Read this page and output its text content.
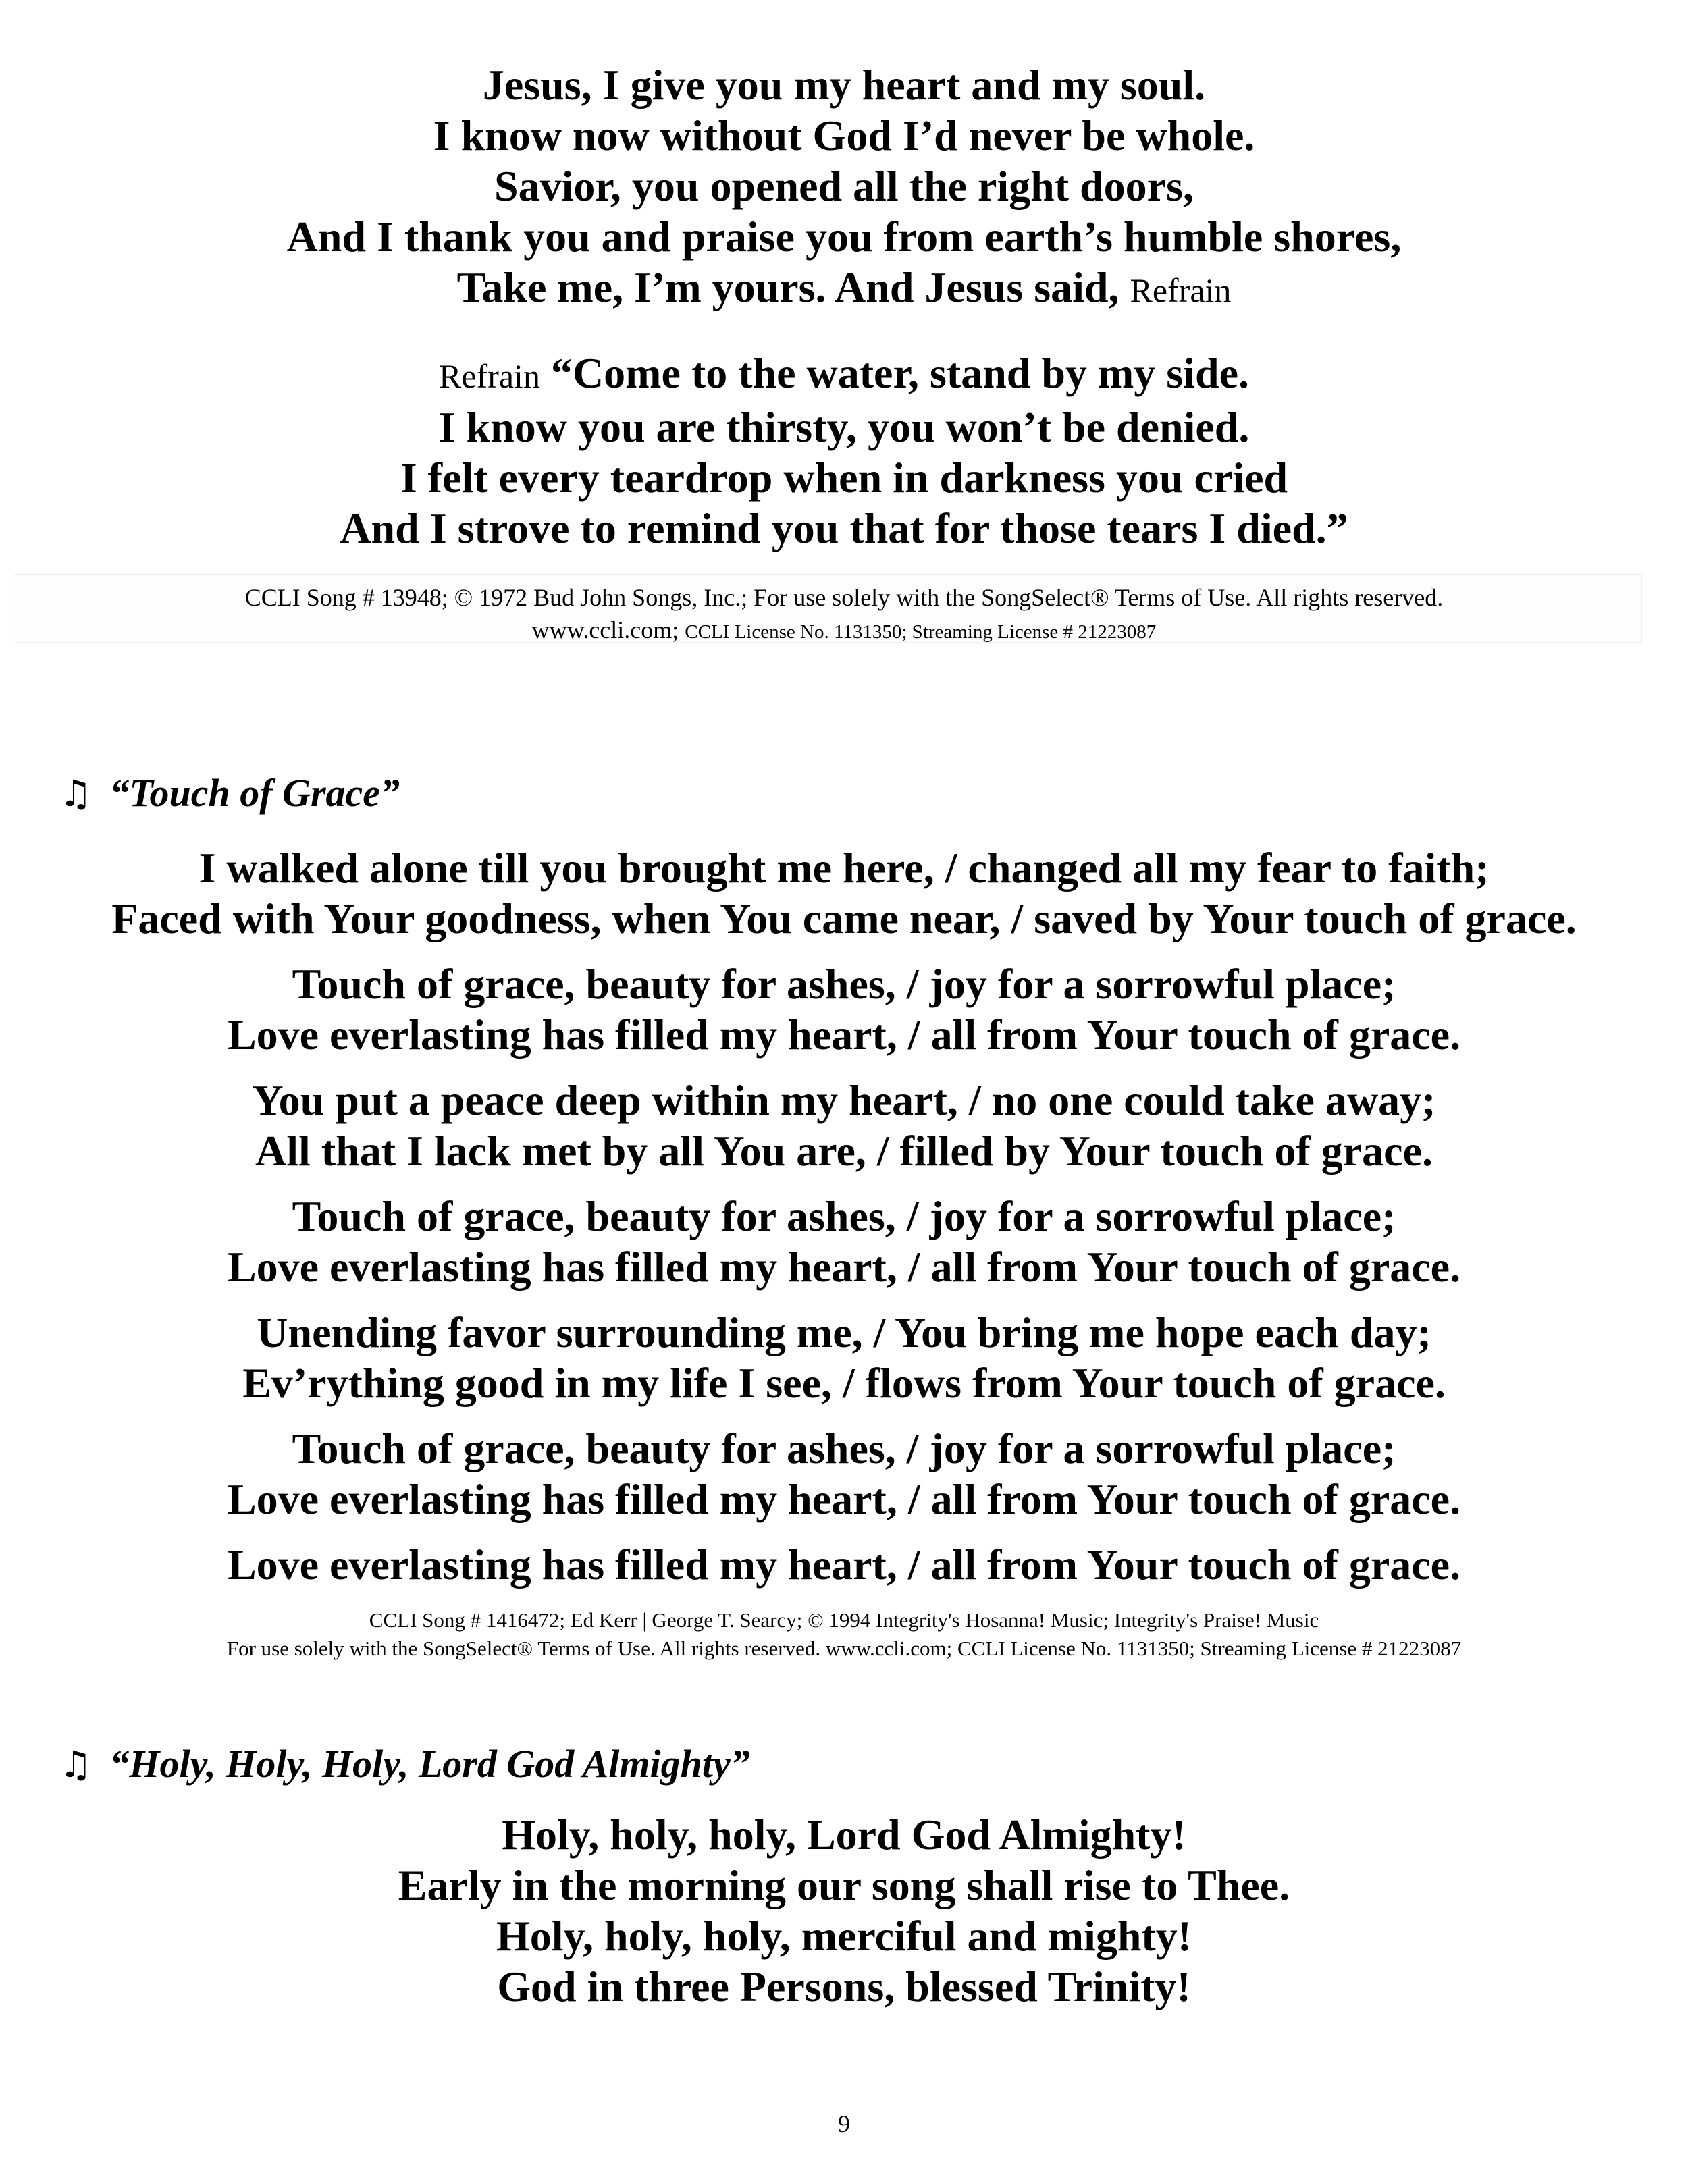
Jesus, I give you my heart and my soul.

I know now without God I’d never be whole.

Savior, you opened all the right doors,

And I thank you and praise you from earth’s humble shores,

Take me, I’m yours. And Jesus said, Refrain

Refrain “Come to the water, stand by my side.

I know you are thirsty, you won’t be denied.

I felt every teardrop when in darkness you cried

And I strove to remind you that for those tears I died.”

CCLI Song # 13948; © 1972 Bud John Songs, Inc.; For use solely with the SongSelect® Terms of Use. All rights reserved.
www.ccli.com; CCLI License No. 1131350; Streaming License # 21223087
♫ “Touch of Grace”

I walked alone till you brought me here, / changed all my fear to faith;

Faced with Your goodness, when You came near, / saved by Your touch of grace.

Touch of grace, beauty for ashes, / joy for a sorrowful place;

Love everlasting has filled my heart, / all from Your touch of grace.

You put a peace deep within my heart, / no one could take away;

All that I lack met by all You are, / filled by Your touch of grace.

Touch of grace, beauty for ashes, / joy for a sorrowful place;

Love everlasting has filled my heart, / all from Your touch of grace.

Unending favor surrounding me, / You bring me hope each day;

Ev’rything good in my life I see, / flows from Your touch of grace.

Touch of grace, beauty for ashes, / joy for a sorrowful place;

Love everlasting has filled my heart, / all from Your touch of grace.

Love everlasting has filled my heart, / all from Your touch of grace.

CCLI Song # 1416472; Ed Kerr | George T. Searcy; © 1994 Integrity's Hosanna! Music; Integrity's Praise! Music
For use solely with the SongSelect® Terms of Use. All rights reserved. www.ccli.com; CCLI License No. 1131350; Streaming License # 21223087
♫ “Holy, Holy, Holy, Lord God Almighty”

Holy, holy, holy, Lord God Almighty!

Early in the morning our song shall rise to Thee.

Holy, holy, holy, merciful and mighty!

God in three Persons, blessed Trinity!

9
